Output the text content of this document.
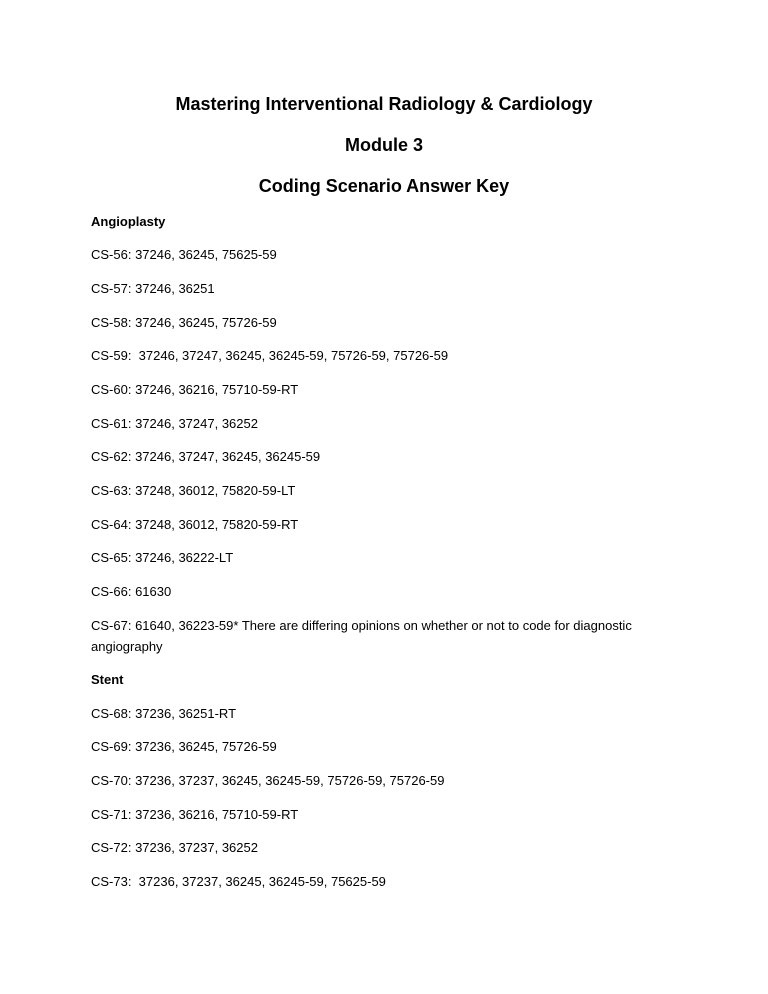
Mastering Interventional Radiology & Cardiology
Module 3
Coding Scenario Answer Key
Angioplasty
CS-56: 37246, 36245, 75625-59
CS-57: 37246, 36251
CS-58: 37246, 36245, 75726-59
CS-59:  37246, 37247, 36245, 36245-59, 75726-59, 75726-59
CS-60: 37246, 36216, 75710-59-RT
CS-61: 37246, 37247, 36252
CS-62: 37246, 37247, 36245, 36245-59
CS-63: 37248, 36012, 75820-59-LT
CS-64: 37248, 36012, 75820-59-RT
CS-65: 37246, 36222-LT
CS-66: 61630
CS-67: 61640, 36223-59* There are differing opinions on whether or not to code for diagnostic angiography
Stent
CS-68: 37236, 36251-RT
CS-69: 37236, 36245, 75726-59
CS-70: 37236, 37237, 36245, 36245-59, 75726-59, 75726-59
CS-71: 37236, 36216, 75710-59-RT
CS-72: 37236, 37237, 36252
CS-73:  37236, 37237, 36245, 36245-59, 75625-59
